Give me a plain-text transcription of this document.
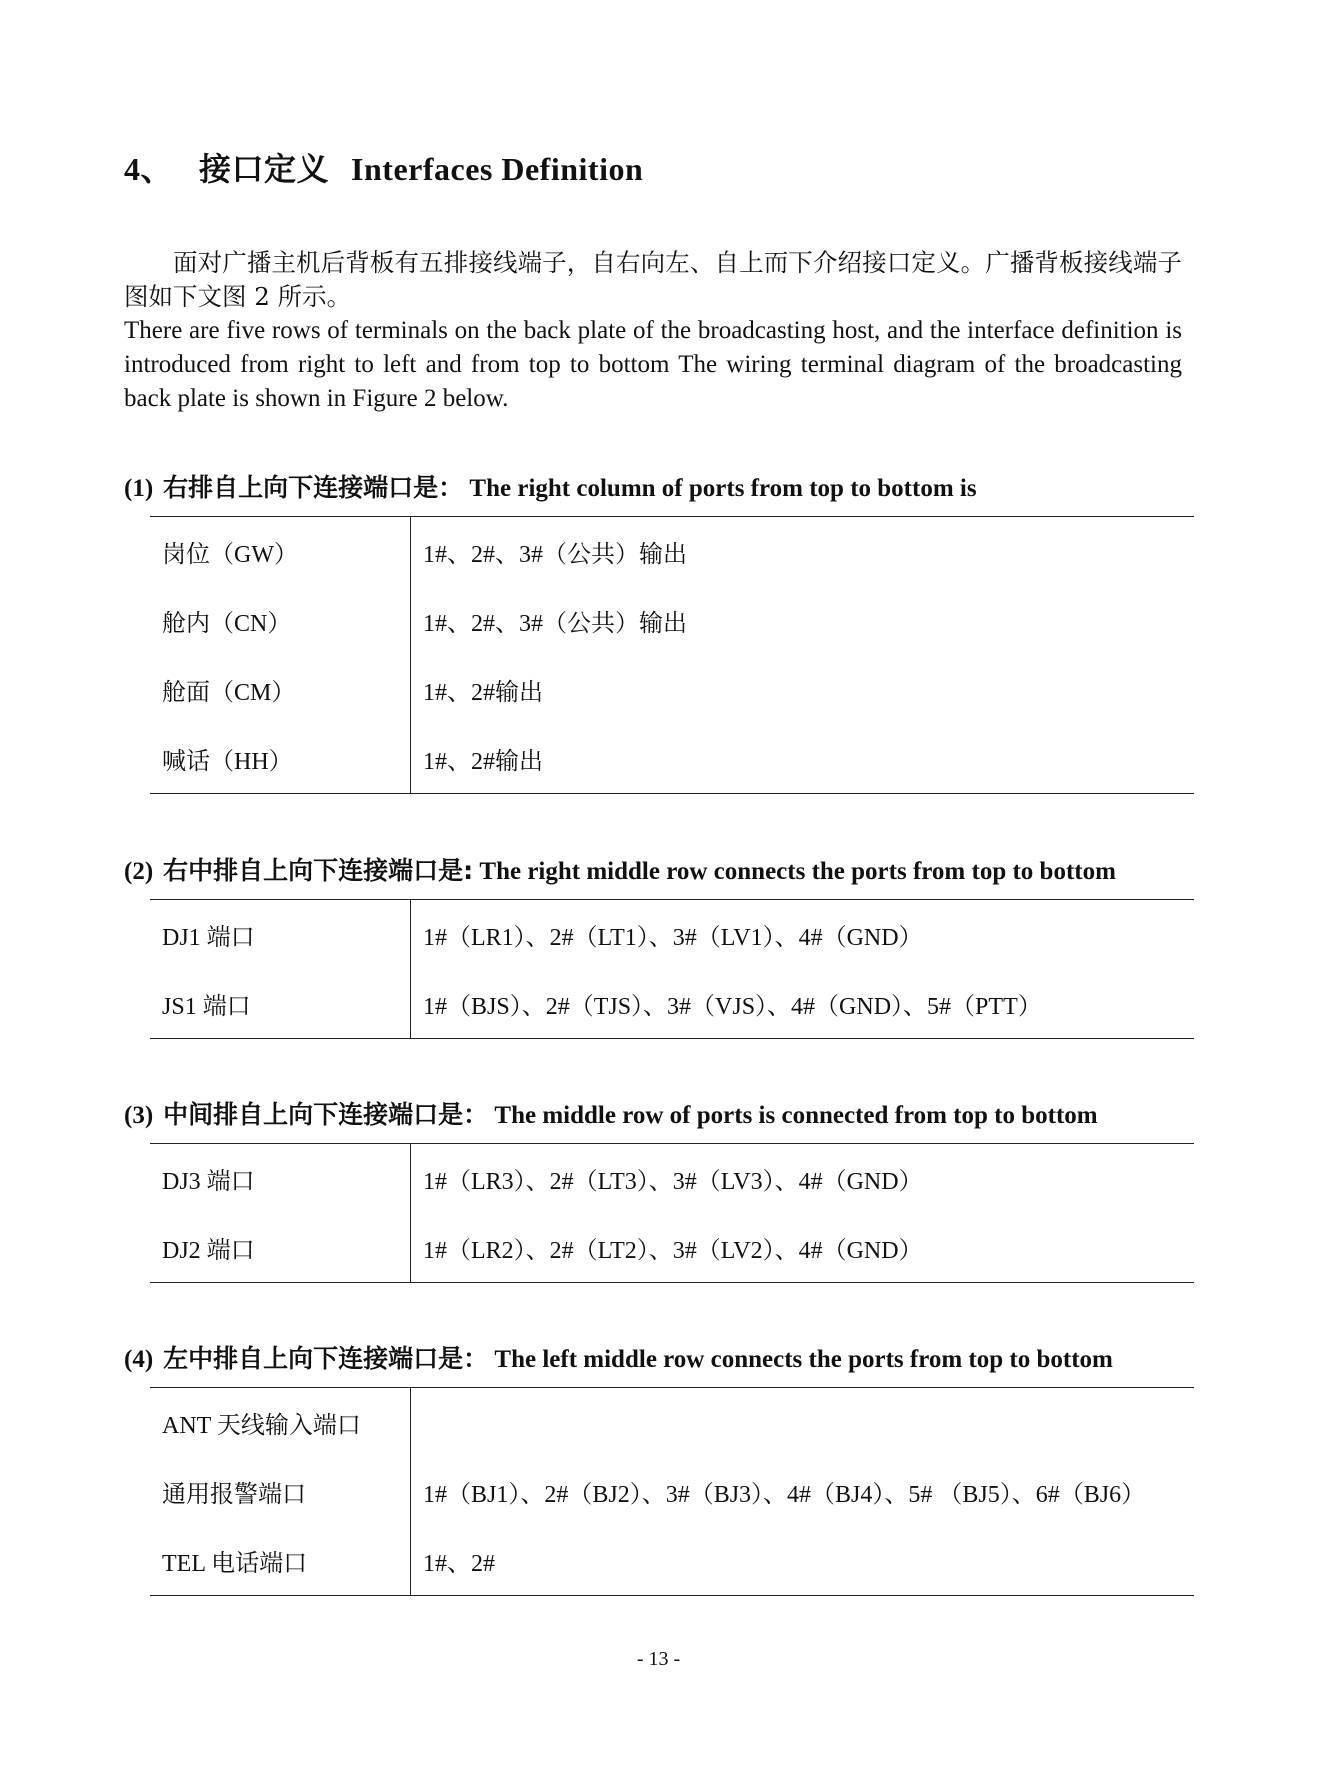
4、 接口定义 Interfaces Definition
面对广播主机后背板有五排接线端子，自右向左、自上而下介绍接口定义。广播背板接线端子图如下文图 2 所示。

There are five rows of terminals on the back plate of the broadcasting host, and the interface definition is introduced from right to left and from top to bottom The wiring terminal diagram of the broadcasting back plate is shown in Figure 2 below.

(1) 右排自上向下连接端口是： The right column of ports from top to bottom is
岗位（GW）	1#、2#、3#（公共）输出
舱内（CN）	1#、2#、3#（公共）输出
舱面（CM）	1#、2#输出
喊话（HH）	1#、2#输出
(2) 右中排自上向下连接端口是: The right middle row connects the ports from top to bottom
DJ1 端口	1#（LR1）、2#（LT1）、3#（LV1）、4#（GND）
JS1 端口	1#（BJS）、2#（TJS）、3#（VJS）、4#（GND）、5#（PTT）
(3) 中间排自上向下连接端口是： The middle row of ports is connected from top to bottom
DJ3 端口	1#（LR3）、2#（LT3）、3#（LV3）、4#（GND）
DJ2 端口	1#（LR2）、2#（LT2）、3#（LV2）、4#（GND）
(4) 左中排自上向下连接端口是： The left middle row connects the ports from top to bottom
ANT 天线输入端口
通用报警端口	1#（BJ1）、2#（BJ2）、3#（BJ3）、4#（BJ4）、5# （BJ5）、6#（BJ6）
TEL 电话端口	1#、2#
- 13 -
